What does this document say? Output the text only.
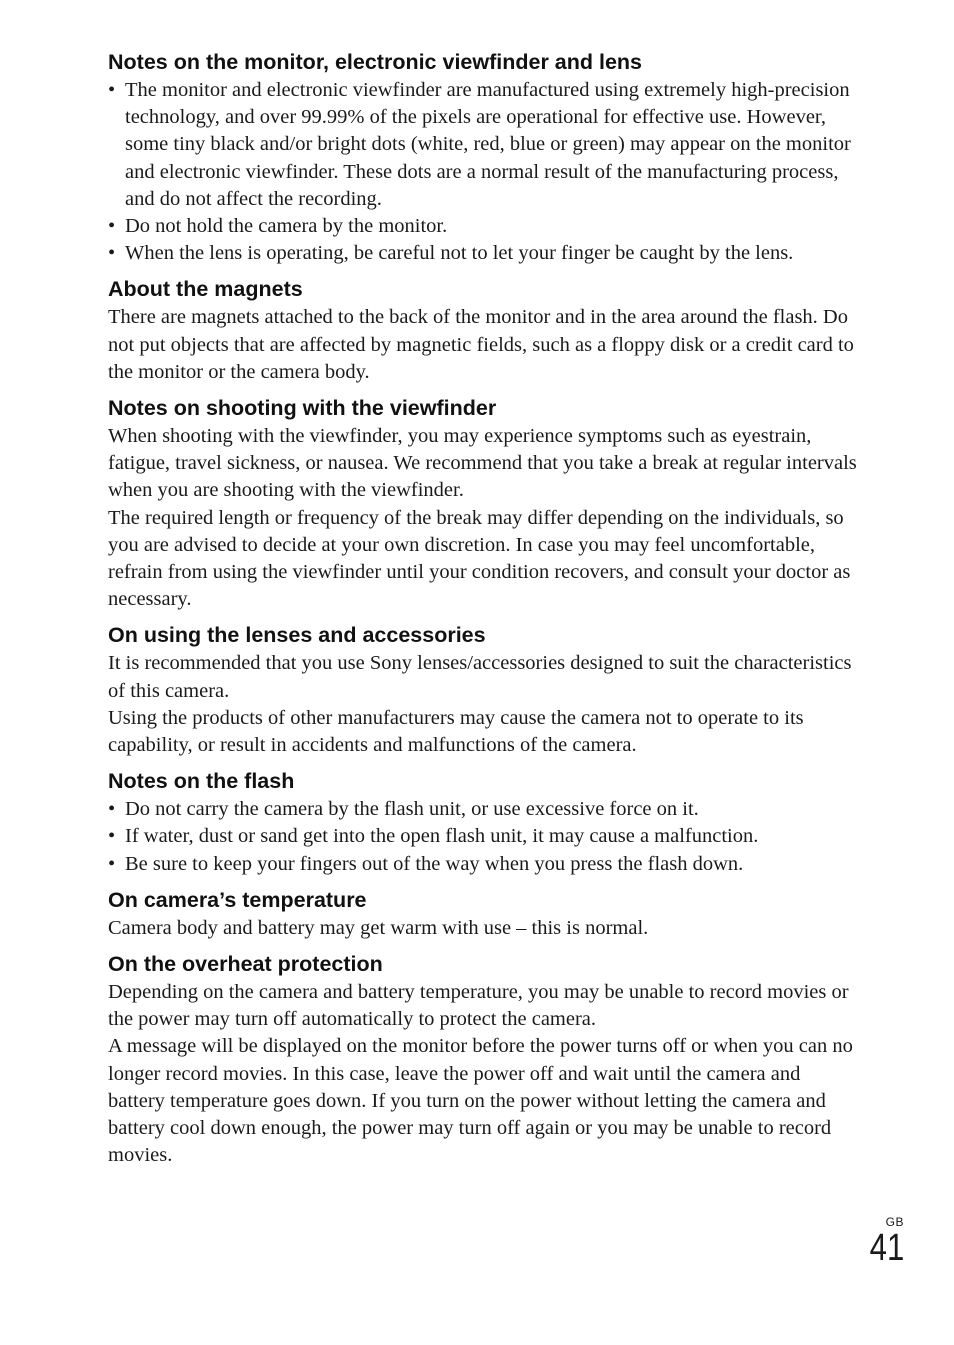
Notes on the monitor, electronic viewfinder and lens
• The monitor and electronic viewfinder are manufactured using extremely high-precision technology, and over 99.99% of the pixels are operational for effective use. However, some tiny black and/or bright dots (white, red, blue or green) may appear on the monitor and electronic viewfinder. These dots are a normal result of the manufacturing process, and do not affect the recording.
• Do not hold the camera by the monitor.
• When the lens is operating, be careful not to let your finger be caught by the lens.
About the magnets

There are magnets attached to the back of the monitor and in the area around the flash. Do not put objects that are affected by magnetic fields, such as a floppy disk or a credit card to the monitor or the camera body.

Notes on shooting with the viewfinder

When shooting with the viewfinder, you may experience symptoms such as eyestrain, fatigue, travel sickness, or nausea. We recommend that you take a break at regular intervals when you are shooting with the viewfinder.

The required length or frequency of the break may differ depending on the individuals, so you are advised to decide at your own discretion. In case you may feel uncomfortable, refrain from using the viewfinder until your condition recovers, and consult your doctor as necessary.

On using the lenses and accessories

It is recommended that you use Sony lenses/accessories designed to suit the characteristics of this camera.

Using the products of other manufacturers may cause the camera not to operate to its capability, or result in accidents and malfunctions of the camera.

Notes on the flash
• Do not carry the camera by the flash unit, or use excessive force on it.
• If water, dust or sand get into the open flash unit, it may cause a malfunction.
• Be sure to keep your fingers out of the way when you press the flash down.
On camera’s temperature

Camera body and battery may get warm with use – this is normal.

On the overheat protection

Depending on the camera and battery temperature, you may be unable to record movies or the power may turn off automatically to protect the camera.

A message will be displayed on the monitor before the power turns off or when you can no longer record movies. In this case, leave the power off and wait until the camera and battery temperature goes down. If you turn on the power without letting the camera and battery cool down enough, the power may turn off again or you may be unable to record movies.

GB
41
